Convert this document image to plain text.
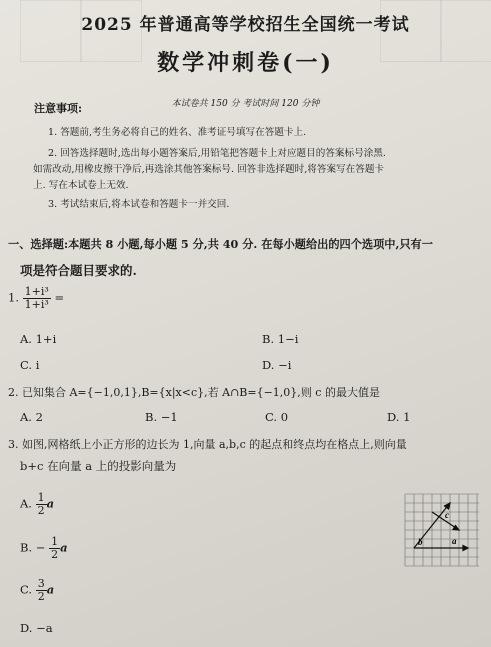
2025 年普通高等学校招生全国统一考试
数学冲刺卷(一)
本试卷共 150 分 考试时间 120 分钟
注意事项:
1. 答题前,考生务必将自己的姓名、准考证号填写在答题卡上.
2. 回答选择题时,选出每小题答案后,用铅笔把答题卡上对应题目的答案标号涂黑.
如需改动,用橡皮擦干净后,再选涂其他答案标号. 回答非选择题时,将答案写在答题卡
上. 写在本试卷上无效.
3. 考试结束后,将本试卷和答题卡一并交回.
一、选择题:本题共 8 小题,每小题 5 分,共 40 分. 在每小题给出的四个选项中,只有一
项是符合题目要求的.
1. $\frac{\text{1+i³}}{\text{1+i³}}$ =
A. 1+i	B. 1−i
C. i	D. −i
2. 已知集合 A={−1,0,1},B={x|x<c},若 A∩B={−1,0},则 c 的最大值是
A. 2	B. −1	C. 0	D. 1
3. 如图,网格纸上小正方形的边长为 1,向量 a,b,c 的起点和终点均在格点上,则向量
b+c 在向量 a 上的投影向量为
A. $\frac{1}{2}$ a
B. − $\frac{1}{2}$ a
C. $\frac{3}{2}$ a
D. −a
a
b
c
